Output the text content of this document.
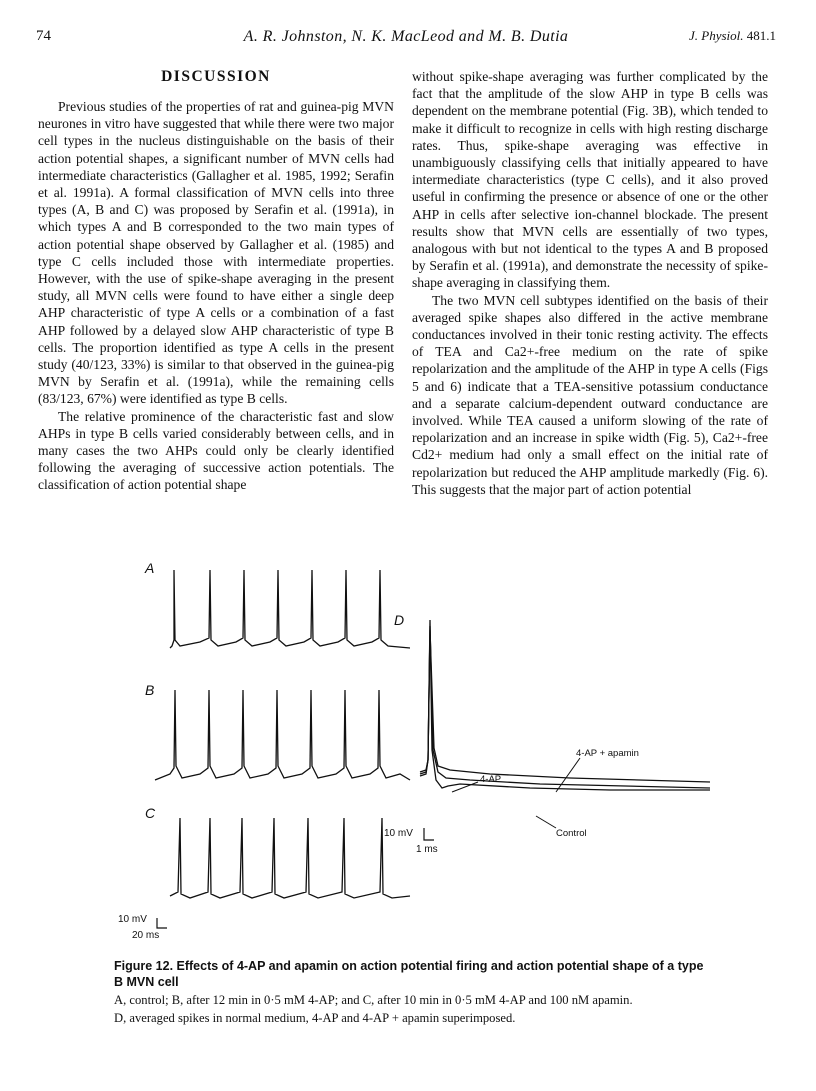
74	A. R. Johnston, N. K. MacLeod and M. B. Dutia	J. Physiol. 481.1
DISCUSSION

Previous studies of the properties of rat and guinea-pig MVN neurones in vitro have suggested that while there were two major cell types in the nucleus distinguishable on the basis of their action potential shapes, a significant number of MVN cells had intermediate characteristics (Gallagher et al. 1985, 1992; Serafin et al. 1991a). A formal classification of MVN cells into three types (A, B and C) was proposed by Serafin et al. (1991a), in which types A and B corresponded to the two main types of action potential shape observed by Gallagher et al. (1985) and type C cells included those with intermediate properties. However, with the use of spike-shape averaging in the present study, all MVN cells were found to have either a single deep AHP characteristic of type A cells or a combination of a fast AHP followed by a delayed slow AHP characteristic of type B cells. The proportion identified as type A cells in the present study (40/123, 33%) is similar to that observed in the guinea-pig MVN by Serafin et al. (1991a), while the remaining cells (83/123, 67%) were identified as type B cells.

The relative prominence of the characteristic fast and slow AHPs in type B cells varied considerably between cells, and in many cases the two AHPs could only be clearly identified following the averaging of successive action potentials. The classification of action potential shape

without spike-shape averaging was further complicated by the fact that the amplitude of the slow AHP in type B cells was dependent on the membrane potential (Fig. 3B), which tended to make it difficult to recognize in cells with high resting discharge rates. Thus, spike-shape averaging was effective in unambiguously classifying cells that initially appeared to have intermediate characteristics (type C cells), and it also proved useful in confirming the presence or absence of one or the other AHP in cells after selective ion-channel blockade. The present results show that MVN cells are essentially of two types, analogous with but not identical to the types A and B proposed by Serafin et al. (1991a), and demonstrate the necessity of spike-shape averaging in classifying them.

The two MVN cell subtypes identified on the basis of their averaged spike shapes also differed in the active membrane conductances involved in their tonic resting activity. The effects of TEA and Ca2+-free medium on the rate of spike repolarization and the amplitude of the AHP in type A cells (Figs 5 and 6) indicate that a TEA-sensitive potassium conductance and a separate calcium-dependent outward conductance are involved. While TEA caused a uniform slowing of the rate of repolarization and an increase in spike width (Fig. 5), Ca2+-free Cd2+ medium had only a small effect on the initial rate of repolarization but reduced the AHP amplitude markedly (Fig. 6). This suggests that the major part of action potential

A
B
C
D
10 mV
20 ms
10 mV
1 ms
4-AP
4-AP + apamin
Control
Figure 12. Effects of 4-AP and apamin on action potential firing and action potential shape of a type B MVN cell
A, control; B, after 12 min in 0·5 mM 4-AP; and C, after 10 min in 0·5 mM 4-AP and 100 nM apamin.
D, averaged spikes in normal medium, 4-AP and 4-AP + apamin superimposed.
